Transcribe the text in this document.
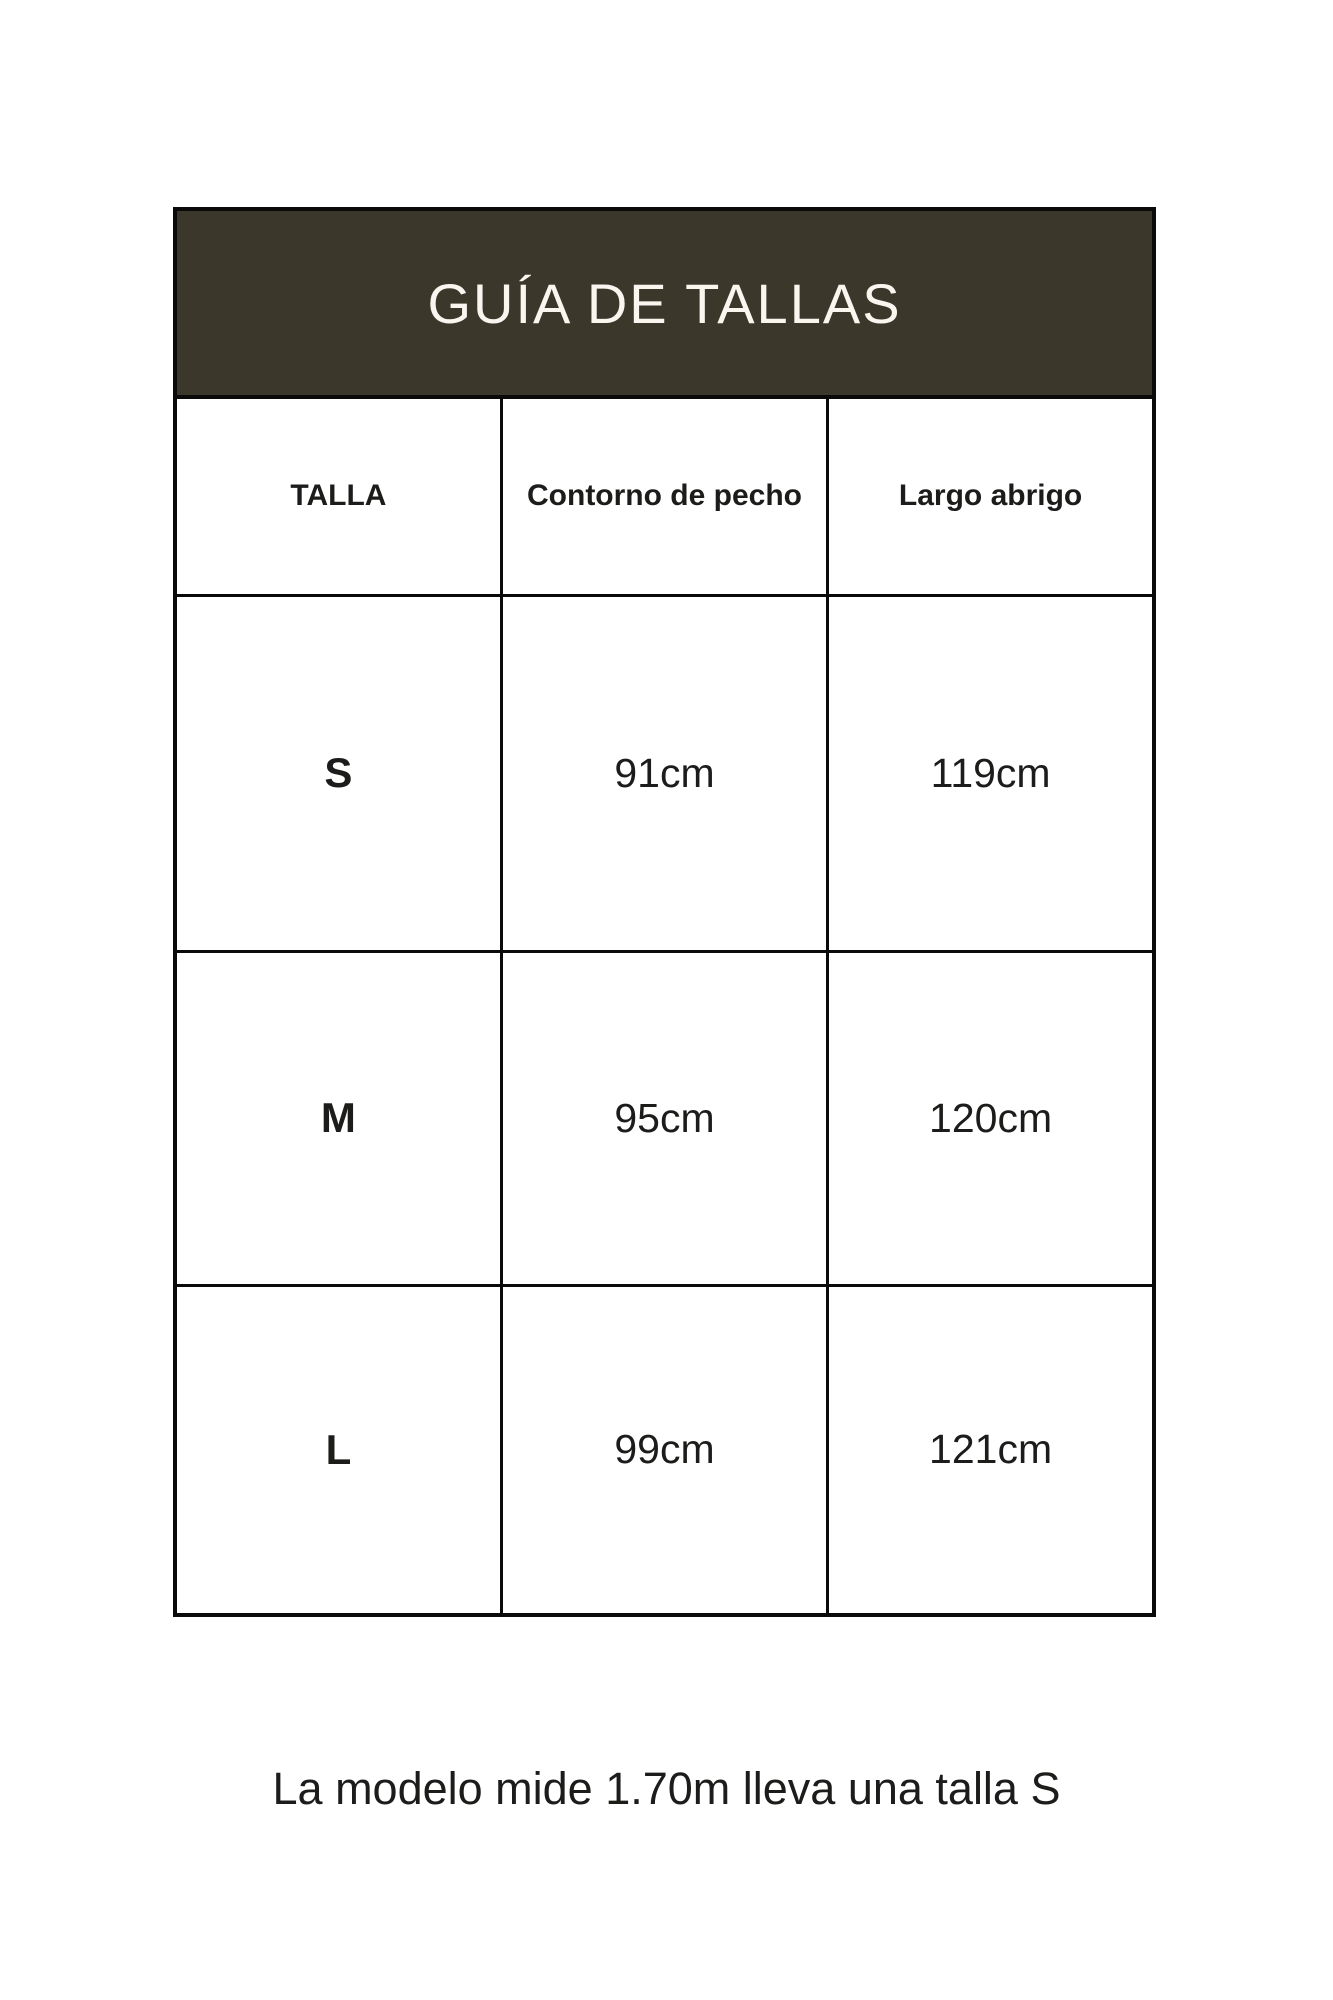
GUÍA DE TALLAS
TALLA	Contorno de pecho	Largo abrigo
S	91cm	119cm
M	95cm	120cm
L	99cm	121cm
La modelo mide 1.70m lleva una talla S
